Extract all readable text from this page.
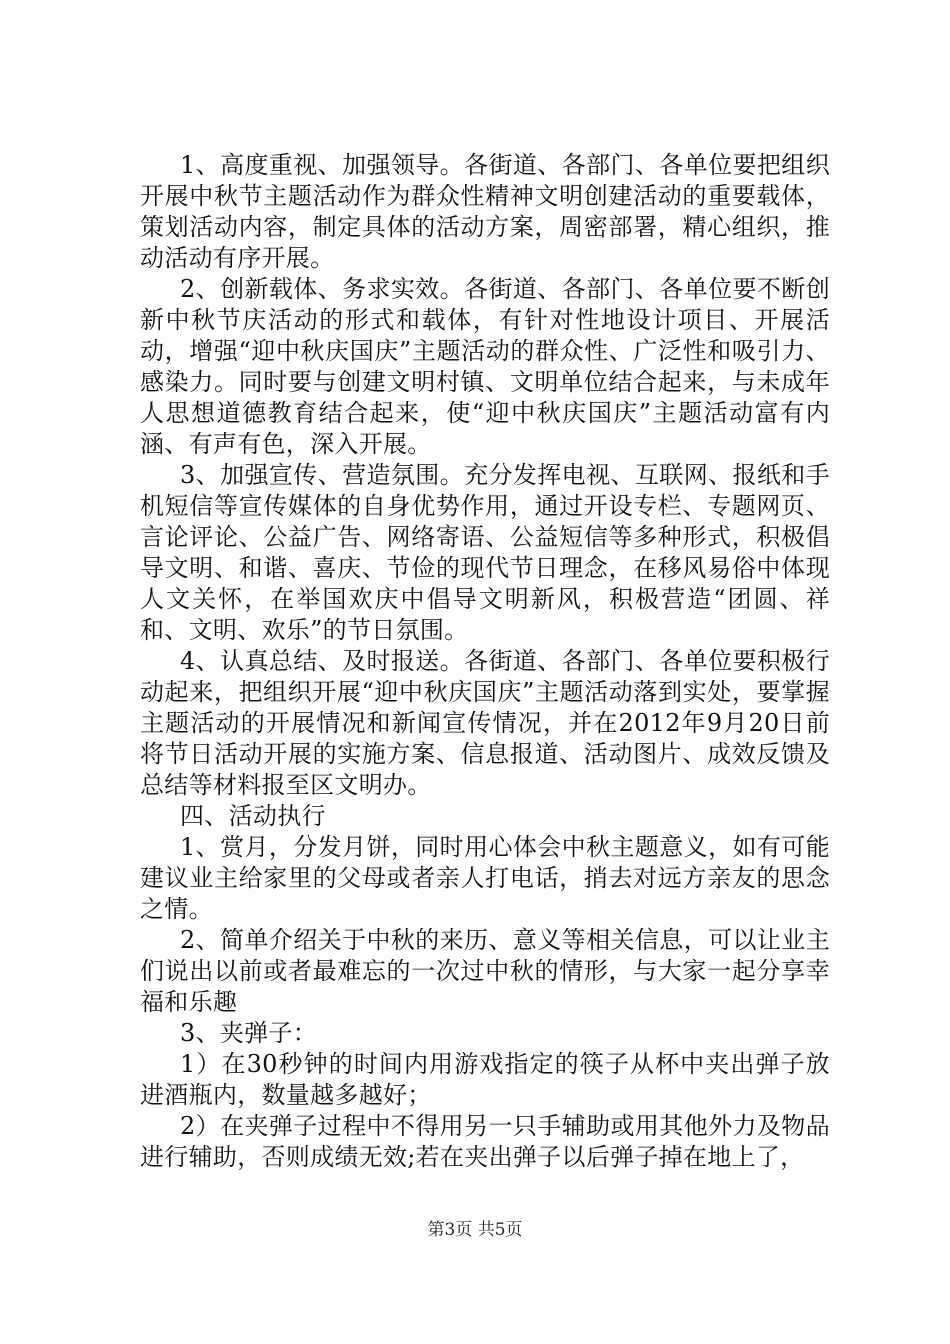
1、高度重视、加强领导。各街道、各部门、各单位要把组织开展中秋节主题活动作为群众性精神文明创建活动的重要载体，策划活动内容，制定具体的活动方案，周密部署，精心组织，推动活动有序开展。

2、创新载体、务求实效。各街道、各部门、各单位要不断创新中秋节庆活动的形式和载体，有针对性地设计项目、开展活动，增强“迎中秋庆国庆”主题活动的群众性、广泛性和吸引力、感染力。同时要与创建文明村镇、文明单位结合起来，与未成年人思想道德教育结合起来，使“迎中秋庆国庆”主题活动富有内涵、有声有色，深入开展。

3、加强宣传、营造氛围。充分发挥电视、互联网、报纸和手机短信等宣传媒体的自身优势作用，通过开设专栏、专题网页、言论评论、公益广告、网络寄语、公益短信等多种形式，积极倡导文明、和谐、喜庆、节俭的现代节日理念，在移风易俗中体现人文关怀，在举国欢庆中倡导文明新风，积极营造“团圆、祥和、文明、欢乐”的节日氛围。

4、认真总结、及时报送。各街道、各部门、各单位要积极行动起来，把组织开展“迎中秋庆国庆”主题活动落到实处，要掌握主题活动的开展情况和新闻宣传情况，并在2012年9月20日前将节日活动开展的实施方案、信息报道、活动图片、成效反馈及总结等材料报至区文明办。

四、活动执行

1、赏月，分发月饼，同时用心体会中秋主题意义，如有可能建议业主给家里的父母或者亲人打电话，捎去对远方亲友的思念之情。

2、简单介绍关于中秋的来历、意义等相关信息，可以让业主们说出以前或者最难忘的一次过中秋的情形，与大家一起分享幸福和乐趣

3、夹弹子：

1）在30秒钟的时间内用游戏指定的筷子从杯中夹出弹子放进酒瓶内，数量越多越好；

2）在夹弹子过程中不得用另一只手辅助或用其他外力及物品进行辅助，否则成绩无效;若在夹出弹子以后弹子掉在地上了，

第3页 共5页
